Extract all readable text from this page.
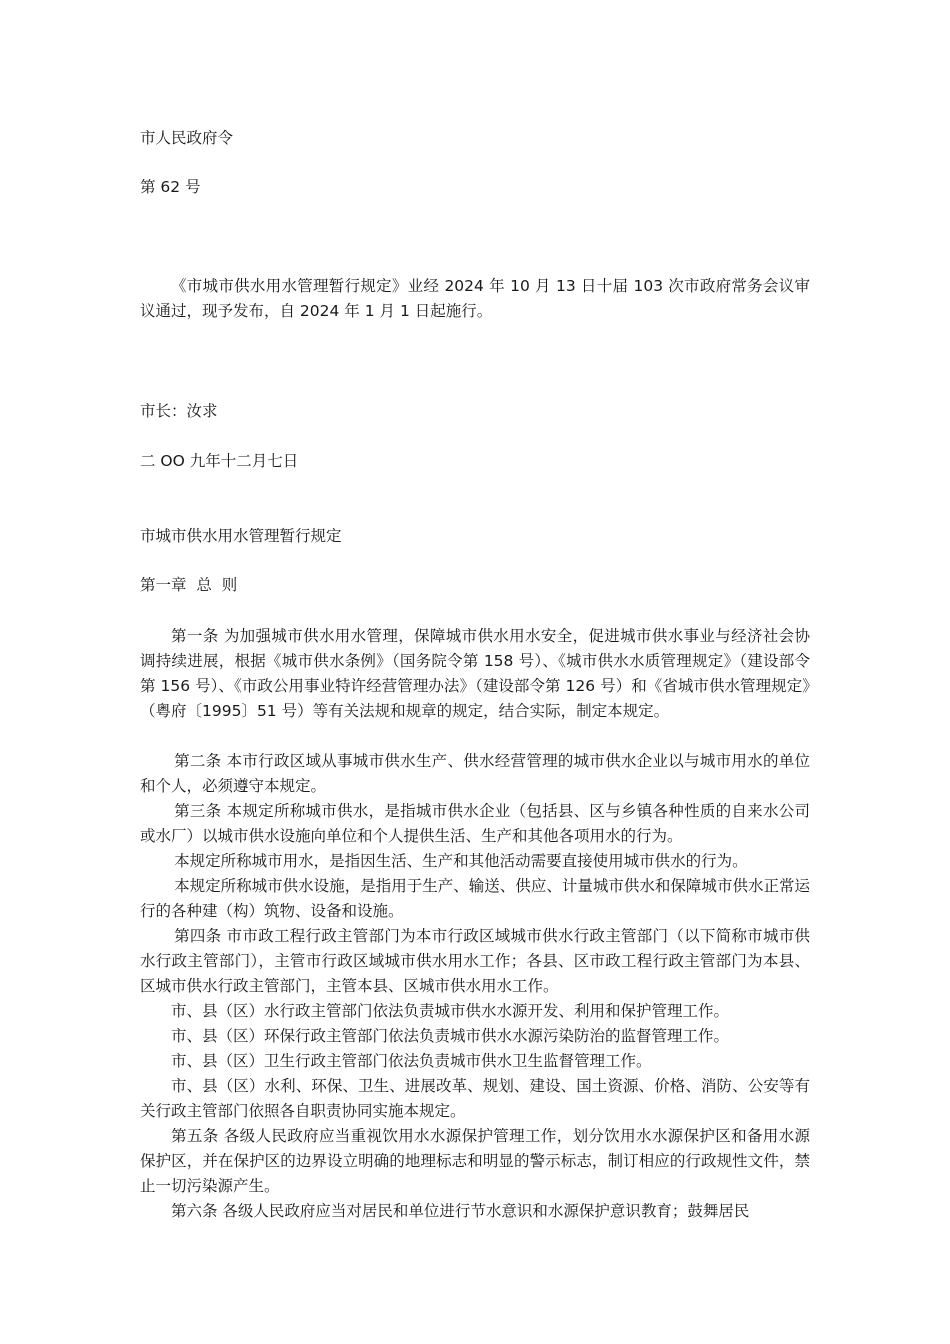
市人民政府令
第 62 号
《市城市供水用水管理暂行规定》业经 2024 年 10 月 13 日十届 103 次市政府常务会议审议通过，现予发布，自 2024 年 1 月 1 日起施行。
市长：汝求
二 OO 九年十二月七日
市城市供水用水管理暂行规定
第一章  总  则
第一条 为加强城市供水用水管理，保障城市供水用水安全，促进城市供水事业与经济社会协调持续进展，根据《城市供水条例》（国务院令第 158 号）、《城市供水水质管理规定》（建设部令第 156 号）、《市政公用事业特许经营管理办法》（建设部令第 126 号）和《省城市供水管理规定》（粤府〔1995〕51 号）等有关法规和规章的规定，结合实际，制定本规定。
第二条 本市行政区域从事城市供水生产、供水经营管理的城市供水企业以与城市用水的单位和个人，必须遵守本规定。
第三条 本规定所称城市供水，是指城市供水企业（包括县、区与乡镇各种性质的自来水公司或水厂）以城市供水设施向单位和个人提供生活、生产和其他各项用水的行为。
本规定所称城市用水，是指因生活、生产和其他活动需要直接使用城市供水的行为。
本规定所称城市供水设施，是指用于生产、输送、供应、计量城市供水和保障城市供水正常运行的各种建（构）筑物、设备和设施。
第四条 市市政工程行政主管部门为本市行政区域城市供水行政主管部门（以下简称市城市供水行政主管部门），主管市行政区域城市供水用水工作；各县、区市政工程行政主管部门为本县、区城市供水行政主管部门，主管本县、区城市供水用水工作。
市、县（区）水行政主管部门依法负责城市供水水源开发、利用和保护管理工作。
市、县（区）环保行政主管部门依法负责城市供水水源污染防治的监督管理工作。
市、县（区）卫生行政主管部门依法负责城市供水卫生监督管理工作。
市、县（区）水利、环保、卫生、进展改革、规划、建设、国土资源、价格、消防、公安等有关行政主管部门依照各自职责协同实施本规定。
第五条 各级人民政府应当重视饮用水水源保护管理工作，划分饮用水水源保护区和备用水源保护区，并在保护区的边界设立明确的地理标志和明显的警示标志，制订相应的行政规性文件，禁止一切污染源产生。
第六条 各级人民政府应当对居民和单位进行节水意识和水源保护意识教育；鼓舞居民
